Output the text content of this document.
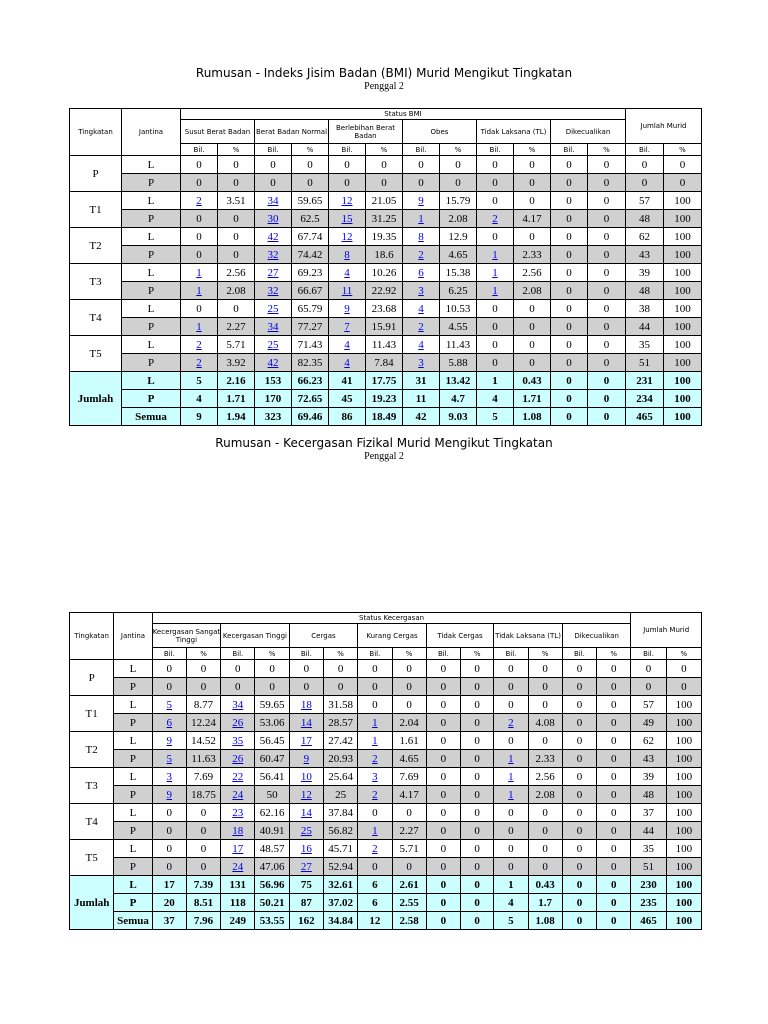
Rumusan - Indeks Jisim Badan (BMI) Murid Mengikut Tingkatan
Penggal 2
Tingkatan	Jantina	Status BMI												Jumlah Murid	
		Susut Berat Badan		Berat Badan Normal		Berlebihan Berat Badan		Obes		Tidak Laksana (TL)		Dikecualikan			
		Bil.	%	Bil.	%	Bil.	%	Bil.	%	Bil.	%	Bil.	%	Bil.	%
P	L	0	0	0	0	0	0	0	0	0	0	0	0	0	0
	P	0	0	0	0	0	0	0	0	0	0	0	0	0	0
T1	L	2	3.51	34	59.65	12	21.05	9	15.79	0	0	0	0	57	100
	P	0	0	30	62.5	15	31.25	1	2.08	2	4.17	0	0	48	100
T2	L	0	0	42	67.74	12	19.35	8	12.9	0	0	0	0	62	100
	P	0	0	32	74.42	8	18.6	2	4.65	1	2.33	0	0	43	100
T3	L	1	2.56	27	69.23	4	10.26	6	15.38	1	2.56	0	0	39	100
	P	1	2.08	32	66.67	11	22.92	3	6.25	1	2.08	0	0	48	100
T4	L	0	0	25	65.79	9	23.68	4	10.53	0	0	0	0	38	100
	P	1	2.27	34	77.27	7	15.91	2	4.55	0	0	0	0	44	100
T5	L	2	5.71	25	71.43	4	11.43	4	11.43	0	0	0	0	35	100
	P	2	3.92	42	82.35	4	7.84	3	5.88	0	0	0	0	51	100
Jumlah	L	5	2.16	153	66.23	41	17.75	31	13.42	1	0.43	0	0	231	100
	P	4	1.71	170	72.65	45	19.23	11	4.7	4	1.71	0	0	234	100
	Semua	9	1.94	323	69.46	86	18.49	42	9.03	5	1.08	0	0	465	100
Rumusan - Kecergasan Fizikal Murid Mengikut Tingkatan
Penggal 2
Tingkatan	Jantina	Status Kecergasan														Jumlah Murid	
		Kecergasan Sangat Tinggi		Kecergasan Tinggi		Cergas		Kurang Cergas		Tidak Cergas		Tidak Laksana (TL)		Dikecualikan			
		Bil.	%	Bil.	%	Bil.	%	Bil.	%	Bil.	%	Bil.	%	Bil.	%	Bil.	%
P	L	0	0	0	0	0	0	0	0	0	0	0	0	0	0	0	0
	P	0	0	0	0	0	0	0	0	0	0	0	0	0	0	0	0
T1	L	5	8.77	34	59.65	18	31.58	0	0	0	0	0	0	0	0	57	100
	P	6	12.24	26	53.06	14	28.57	1	2.04	0	0	2	4.08	0	0	49	100
T2	L	9	14.52	35	56.45	17	27.42	1	1.61	0	0	0	0	0	0	62	100
	P	5	11.63	26	60.47	9	20.93	2	4.65	0	0	1	2.33	0	0	43	100
T3	L	3	7.69	22	56.41	10	25.64	3	7.69	0	0	1	2.56	0	0	39	100
	P	9	18.75	24	50	12	25	2	4.17	0	0	1	2.08	0	0	48	100
T4	L	0	0	23	62.16	14	37.84	0	0	0	0	0	0	0	0	37	100
	P	0	0	18	40.91	25	56.82	1	2.27	0	0	0	0	0	0	44	100
T5	L	0	0	17	48.57	16	45.71	2	5.71	0	0	0	0	0	0	35	100
	P	0	0	24	47.06	27	52.94	0	0	0	0	0	0	0	0	51	100
Jumlah	L	17	7.39	131	56.96	75	32.61	6	2.61	0	0	1	0.43	0	0	230	100
	P	20	8.51	118	50.21	87	37.02	6	2.55	0	0	4	1.7	0	0	235	100
	Semua	37	7.96	249	53.55	162	34.84	12	2.58	0	0	5	1.08	0	0	465	100
